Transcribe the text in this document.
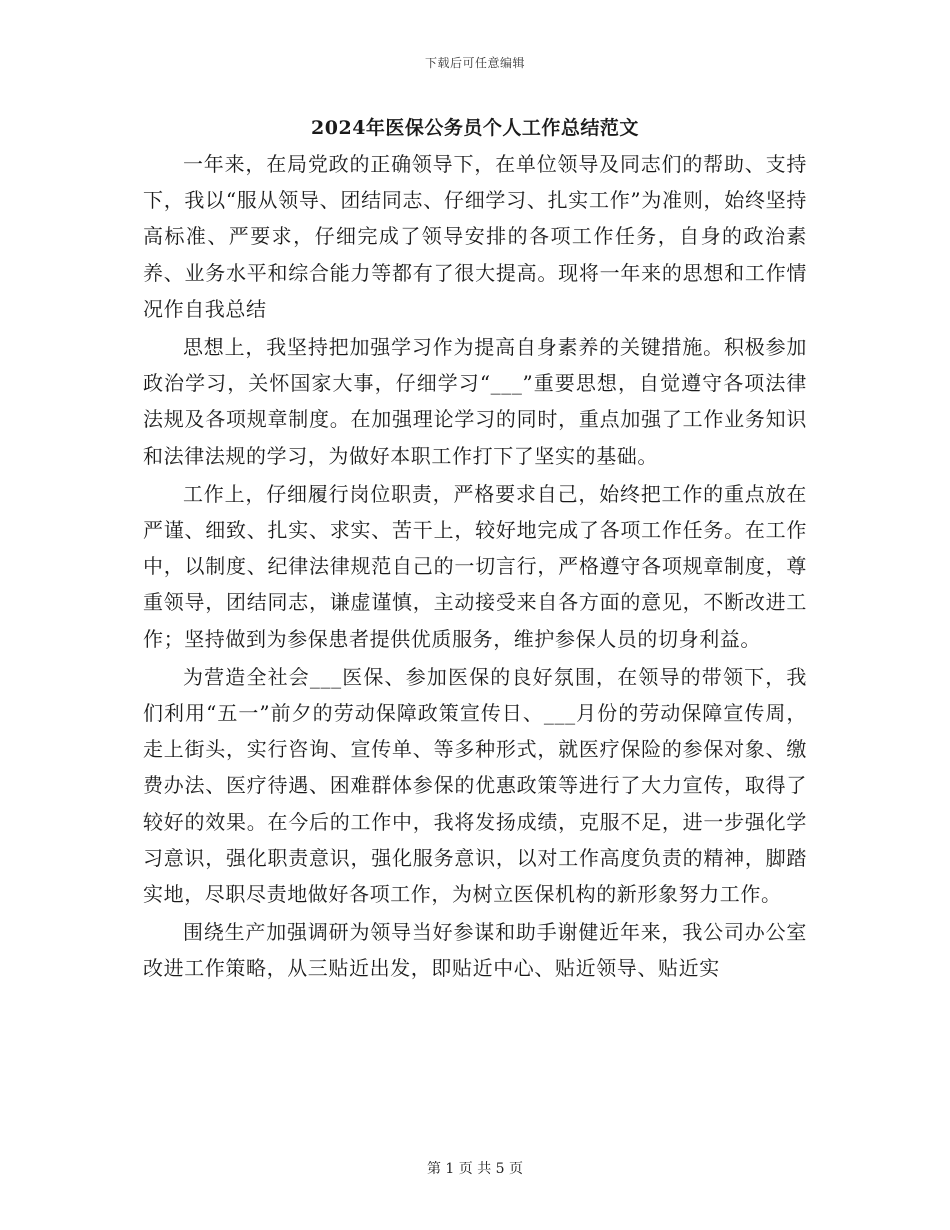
下载后可任意编辑
2024年医保公务员个人工作总结范文

一年来，在局党政的正确领导下，在单位领导及同志们的帮助、支持下，我以“服从领导、团结同志、仔细学习、扎实工作”为准则，始终坚持高标准、严要求，仔细完成了领导安排的各项工作任务，自身的政治素养、业务水平和综合能力等都有了很大提高。现将一年来的思想和工作情况作自我总结

思想上，我坚持把加强学习作为提高自身素养的关键措施。积极参加政治学习，关怀国家大事，仔细学习“___”重要思想，自觉遵守各项法律法规及各项规章制度。在加强理论学习的同时，重点加强了工作业务知识和法律法规的学习，为做好本职工作打下了坚实的基础。

工作上，仔细履行岗位职责，严格要求自己，始终把工作的重点放在严谨、细致、扎实、求实、苦干上，较好地完成了各项工作任务。在工作中，以制度、纪律法律规范自己的一切言行，严格遵守各项规章制度，尊重领导，团结同志，谦虚谨慎，主动接受来自各方面的意见，不断改进工作；坚持做到为参保患者提供优质服务，维护参保人员的切身利益。

为营造全社会___医保、参加医保的良好氛围，在领导的带领下，我们利用“五一”前夕的劳动保障政策宣传日、___月份的劳动保障宣传周，走上街头，实行咨询、宣传单、等多种形式，就医疗保险的参保对象、缴费办法、医疗待遇、困难群体参保的优惠政策等进行了大力宣传，取得了较好的效果。在今后的工作中，我将发扬成绩，克服不足，进一步强化学习意识，强化职责意识，强化服务意识，以对工作高度负责的精神，脚踏实地，尽职尽责地做好各项工作，为树立医保机构的新形象努力工作。

围绕生产加强调研为领导当好参谋和助手谢健近年来，我公司办公室改进工作策略，从三贴近出发，即贴近中心、贴近领导、贴近实

第 1 页 共 5 页
